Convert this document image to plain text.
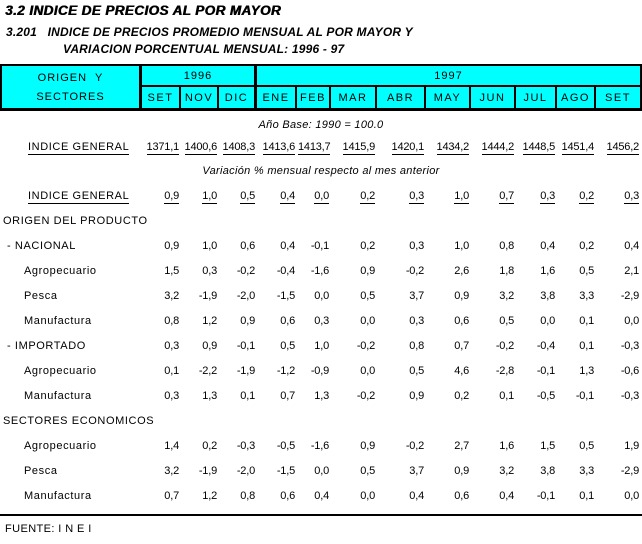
3.2 INDICE DE PRECIOS AL POR MAYOR
3.201   INDICE DE PRECIOS PROMEDIO MENSUAL AL POR MAYOR Y
VARIACION PORCENTUAL MENSUAL: 1996 - 97
ORIGEN  Y
SECTORES
1996	1997
SET	NOV	DIC	ENE FEB	MAR	ABR	MAY	JUN	JUL	AGO	SET
Año Base: 1990 = 100.0
INDICE GENERAL	1371,1 1400,6 1408,3 1413,6 1413,7	1415,9	1420,1	1434,2	1444,2 1448,5 1451,4	1456,2
Variación % mensual respecto al mes anterior
INDICE GENERAL	0,9	1,0	0,5	0,4	0,0	0,2	0,3	1,0	0,7	0,3	0,2	0,3
ORIGEN DEL PRODUCTO
- NACIONAL	0,9	1,0	0,6	0,4	-0,1	0,2	0,3	1,0	0,8	0,4	0,2	0,4
Agropecuario	1,5	0,3	-0,2	-0,4	-1,6	0,9	-0,2	2,6	1,8	1,6	0,5	2,1
Pesca	3,2	-1,9	-2,0	-1,5	0,0	0,5	3,7	0,9	3,2	3,8	3,3	-2,9
Manufactura	0,8	1,2	0,9	0,6	0,3	0,0	0,3	0,6	0,5	0,0	0,1	0,0
- IMPORTADO	0,3	0,9	-0,1	0,5	1,0	-0,2	0,8	0,7	-0,2	-0,4	0,1	-0,3
Agropecuario	0,1	-2,2	-1,9	-1,2	-0,9	0,0	0,5	4,6	-2,8	-0,1	1,3	-0,6
Manufactura	0,3	1,3	0,1	0,7	1,3	-0,2	0,9	0,2	0,1	-0,5	-0,1	-0,3
SECTORES ECONOMICOS
Agropecuario	1,4	0,2	-0,3	-0,5	-1,6	0,9	-0,2	2,7	1,6	1,5	0,5	1,9
Pesca	3,2	-1,9	-2,0	-1,5	0,0	0,5	3,7	0,9	3,2	3,8	3,3	-2,9
Manufactura	0,7	1,2	0,8	0,6	0,4	0,0	0,4	0,6	0,4	-0,1	0,1	0,0
FUENTE: I N E I
